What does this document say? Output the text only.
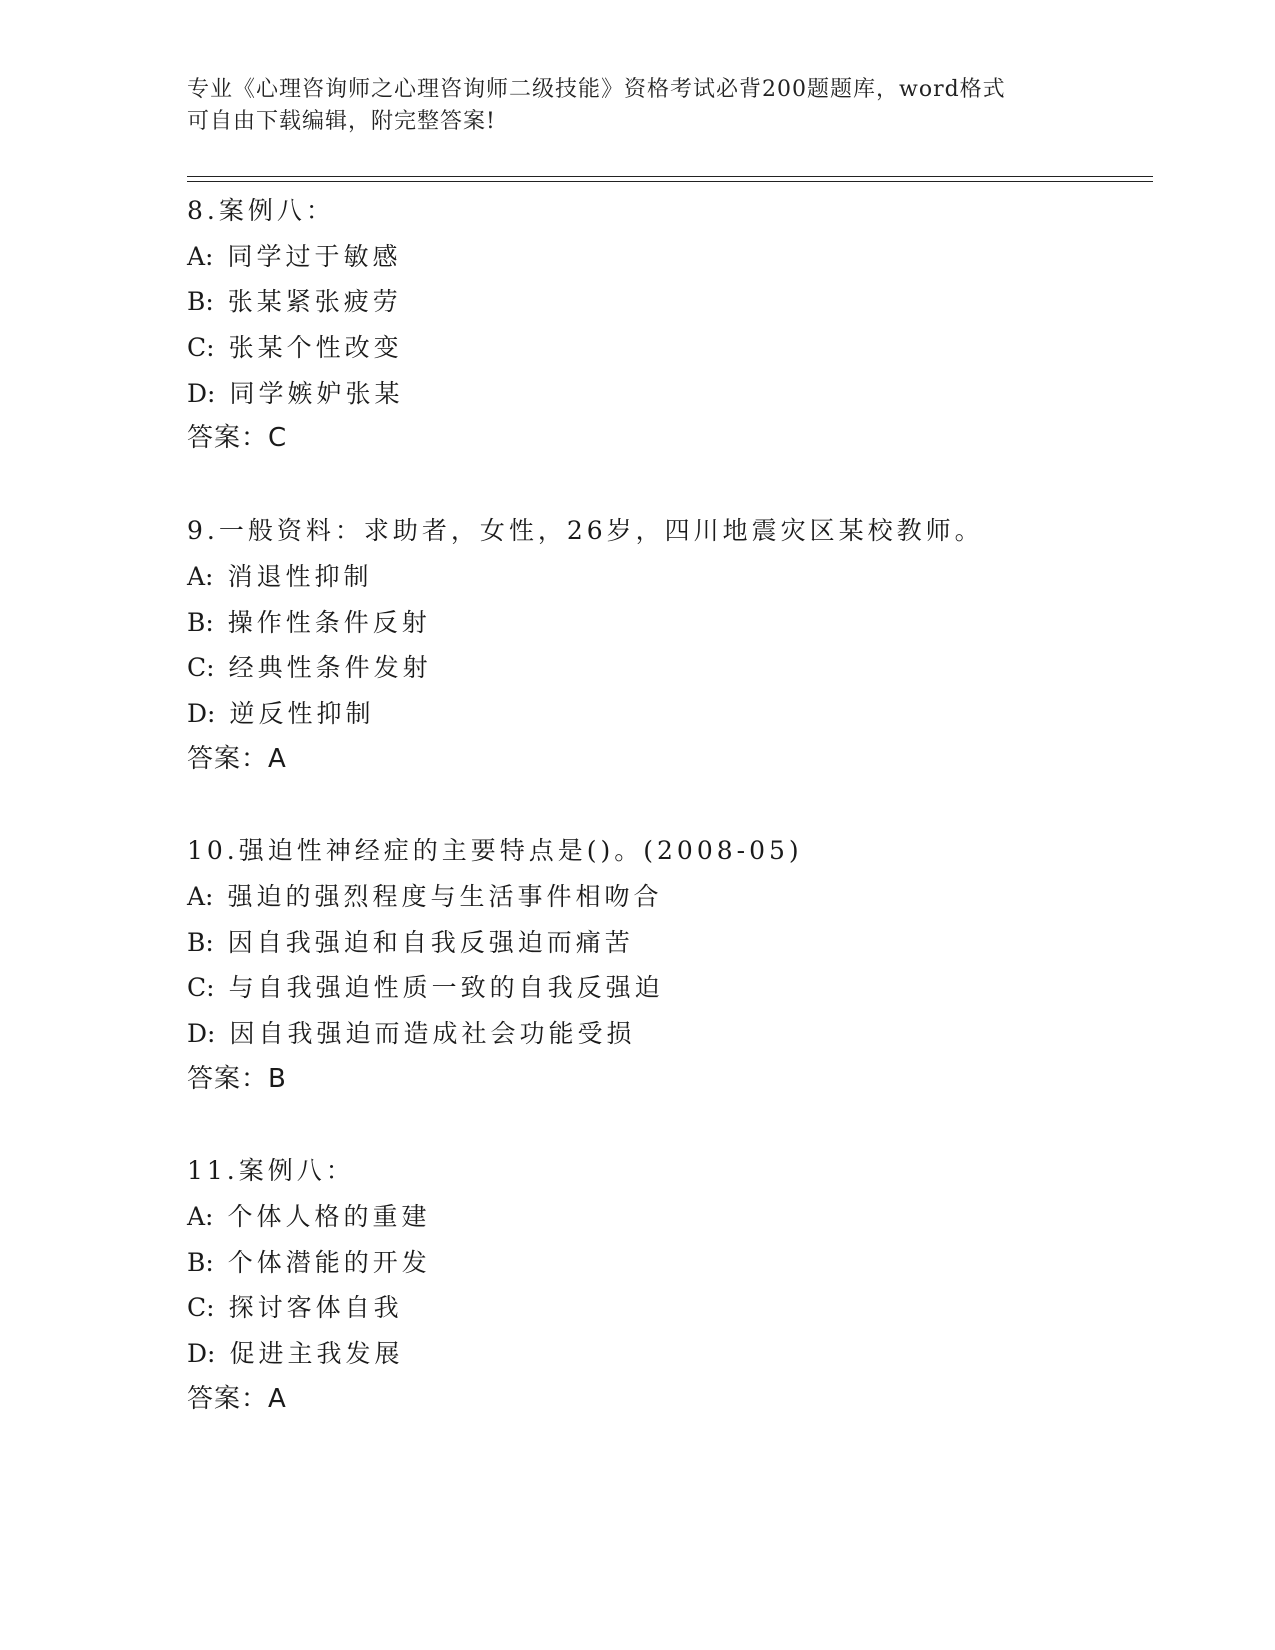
专业《心理咨询师之心理咨询师二级技能》资格考试必背200题题库，word格式
可自由下载编辑，附完整答案!
8.案例八：
A: 同学过于敏感
B: 张某紧张疲劳
C: 张某个性改变
D: 同学嫉妒张某
答案：C
9.一般资料：求助者，女性，26岁，四川地震灾区某校教师。
A: 消退性抑制
B: 操作性条件反射
C: 经典性条件发射
D: 逆反性抑制
答案：A
10.强迫性神经症的主要特点是()。(2008-05)
A: 强迫的强烈程度与生活事件相吻合
B: 因自我强迫和自我反强迫而痛苦
C: 与自我强迫性质一致的自我反强迫
D: 因自我强迫而造成社会功能受损
答案：B
11.案例八：
A: 个体人格的重建
B: 个体潜能的开发
C: 探讨客体自我
D: 促进主我发展
答案：A
